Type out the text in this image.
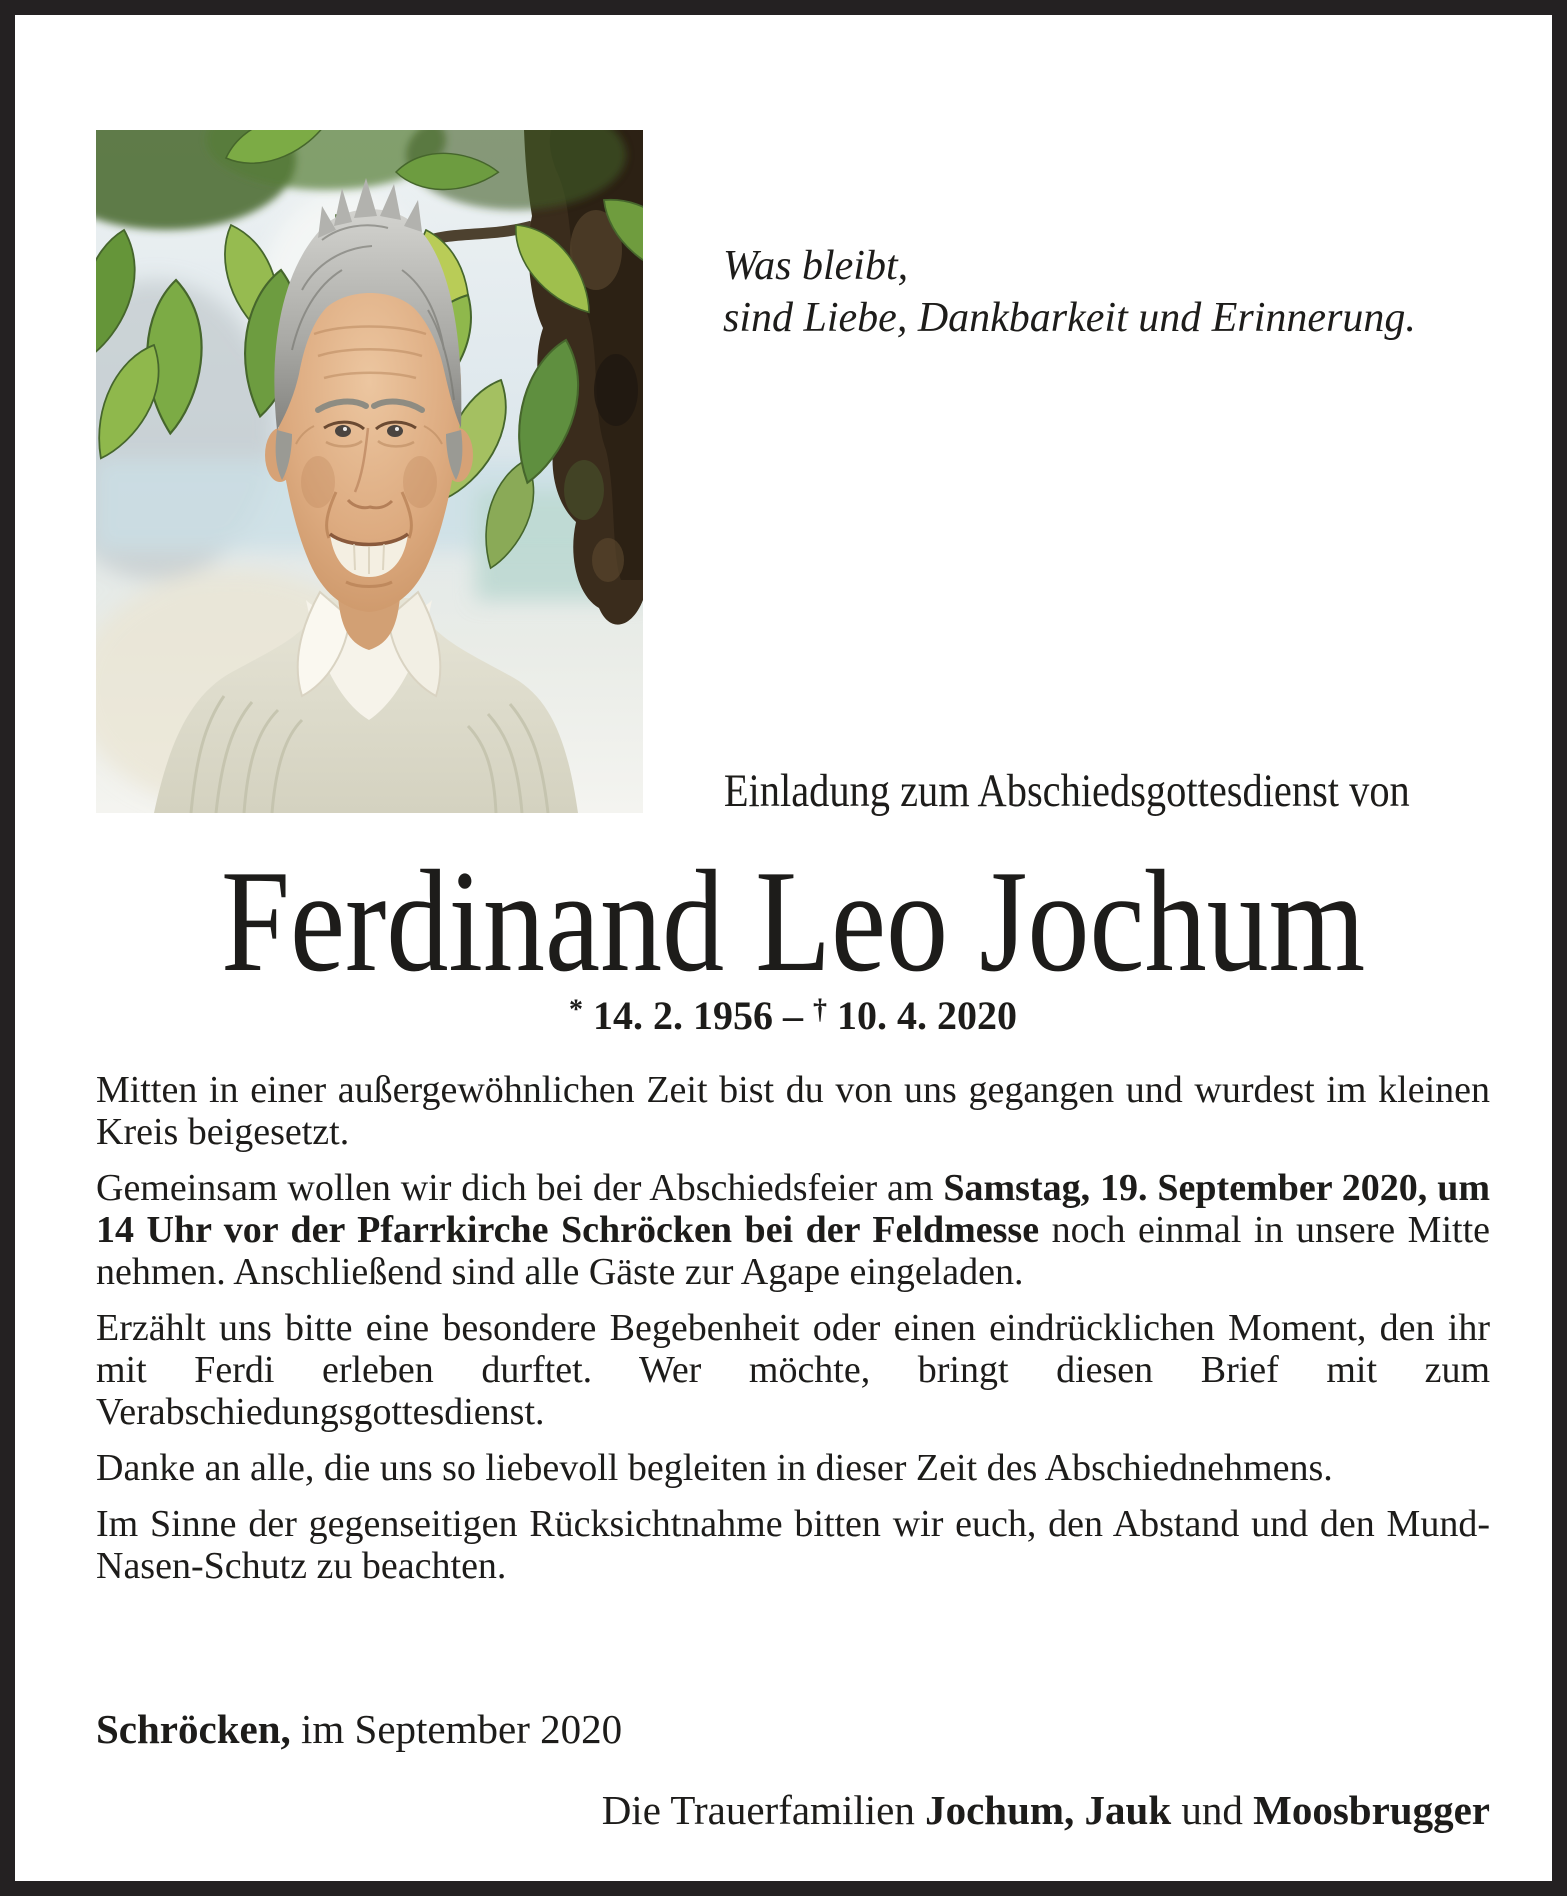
Was bleibt,
sind Liebe, Dankbarkeit und Erinnerung.
Einladung zum Abschiedsgottesdienst von
Ferdinand Leo Jochum
* 14. 2. 1956 – † 10. 4. 2020

Mitten in einer außergewöhnlichen Zeit bist du von uns gegangen und wurdest im kleinen Kreis beigesetzt.

Gemeinsam wollen wir dich bei der Abschiedsfeier am Samstag, 19. September 2020, um 14 Uhr vor der Pfarrkirche Schröcken bei der Feldmesse noch einmal in unsere Mitte nehmen. Anschließend sind alle Gäste zur Agape eingeladen.

Erzählt uns bitte eine besondere Begebenheit oder einen eindrücklichen Moment, den ihr mit Ferdi erleben durftet. Wer möchte, bringt diesen Brief mit zum Verabschiedungsgottesdienst.

Danke an alle, die uns so liebevoll begleiten in dieser Zeit des Abschiednehmens.

Im Sinne der gegenseitigen Rücksichtnahme bitten wir euch, den Abstand und den Mund-Nasen-Schutz zu beachten.

Schröcken, im September 2020
Die Trauerfamilien Jochum, Jauk und Moosbrugger
